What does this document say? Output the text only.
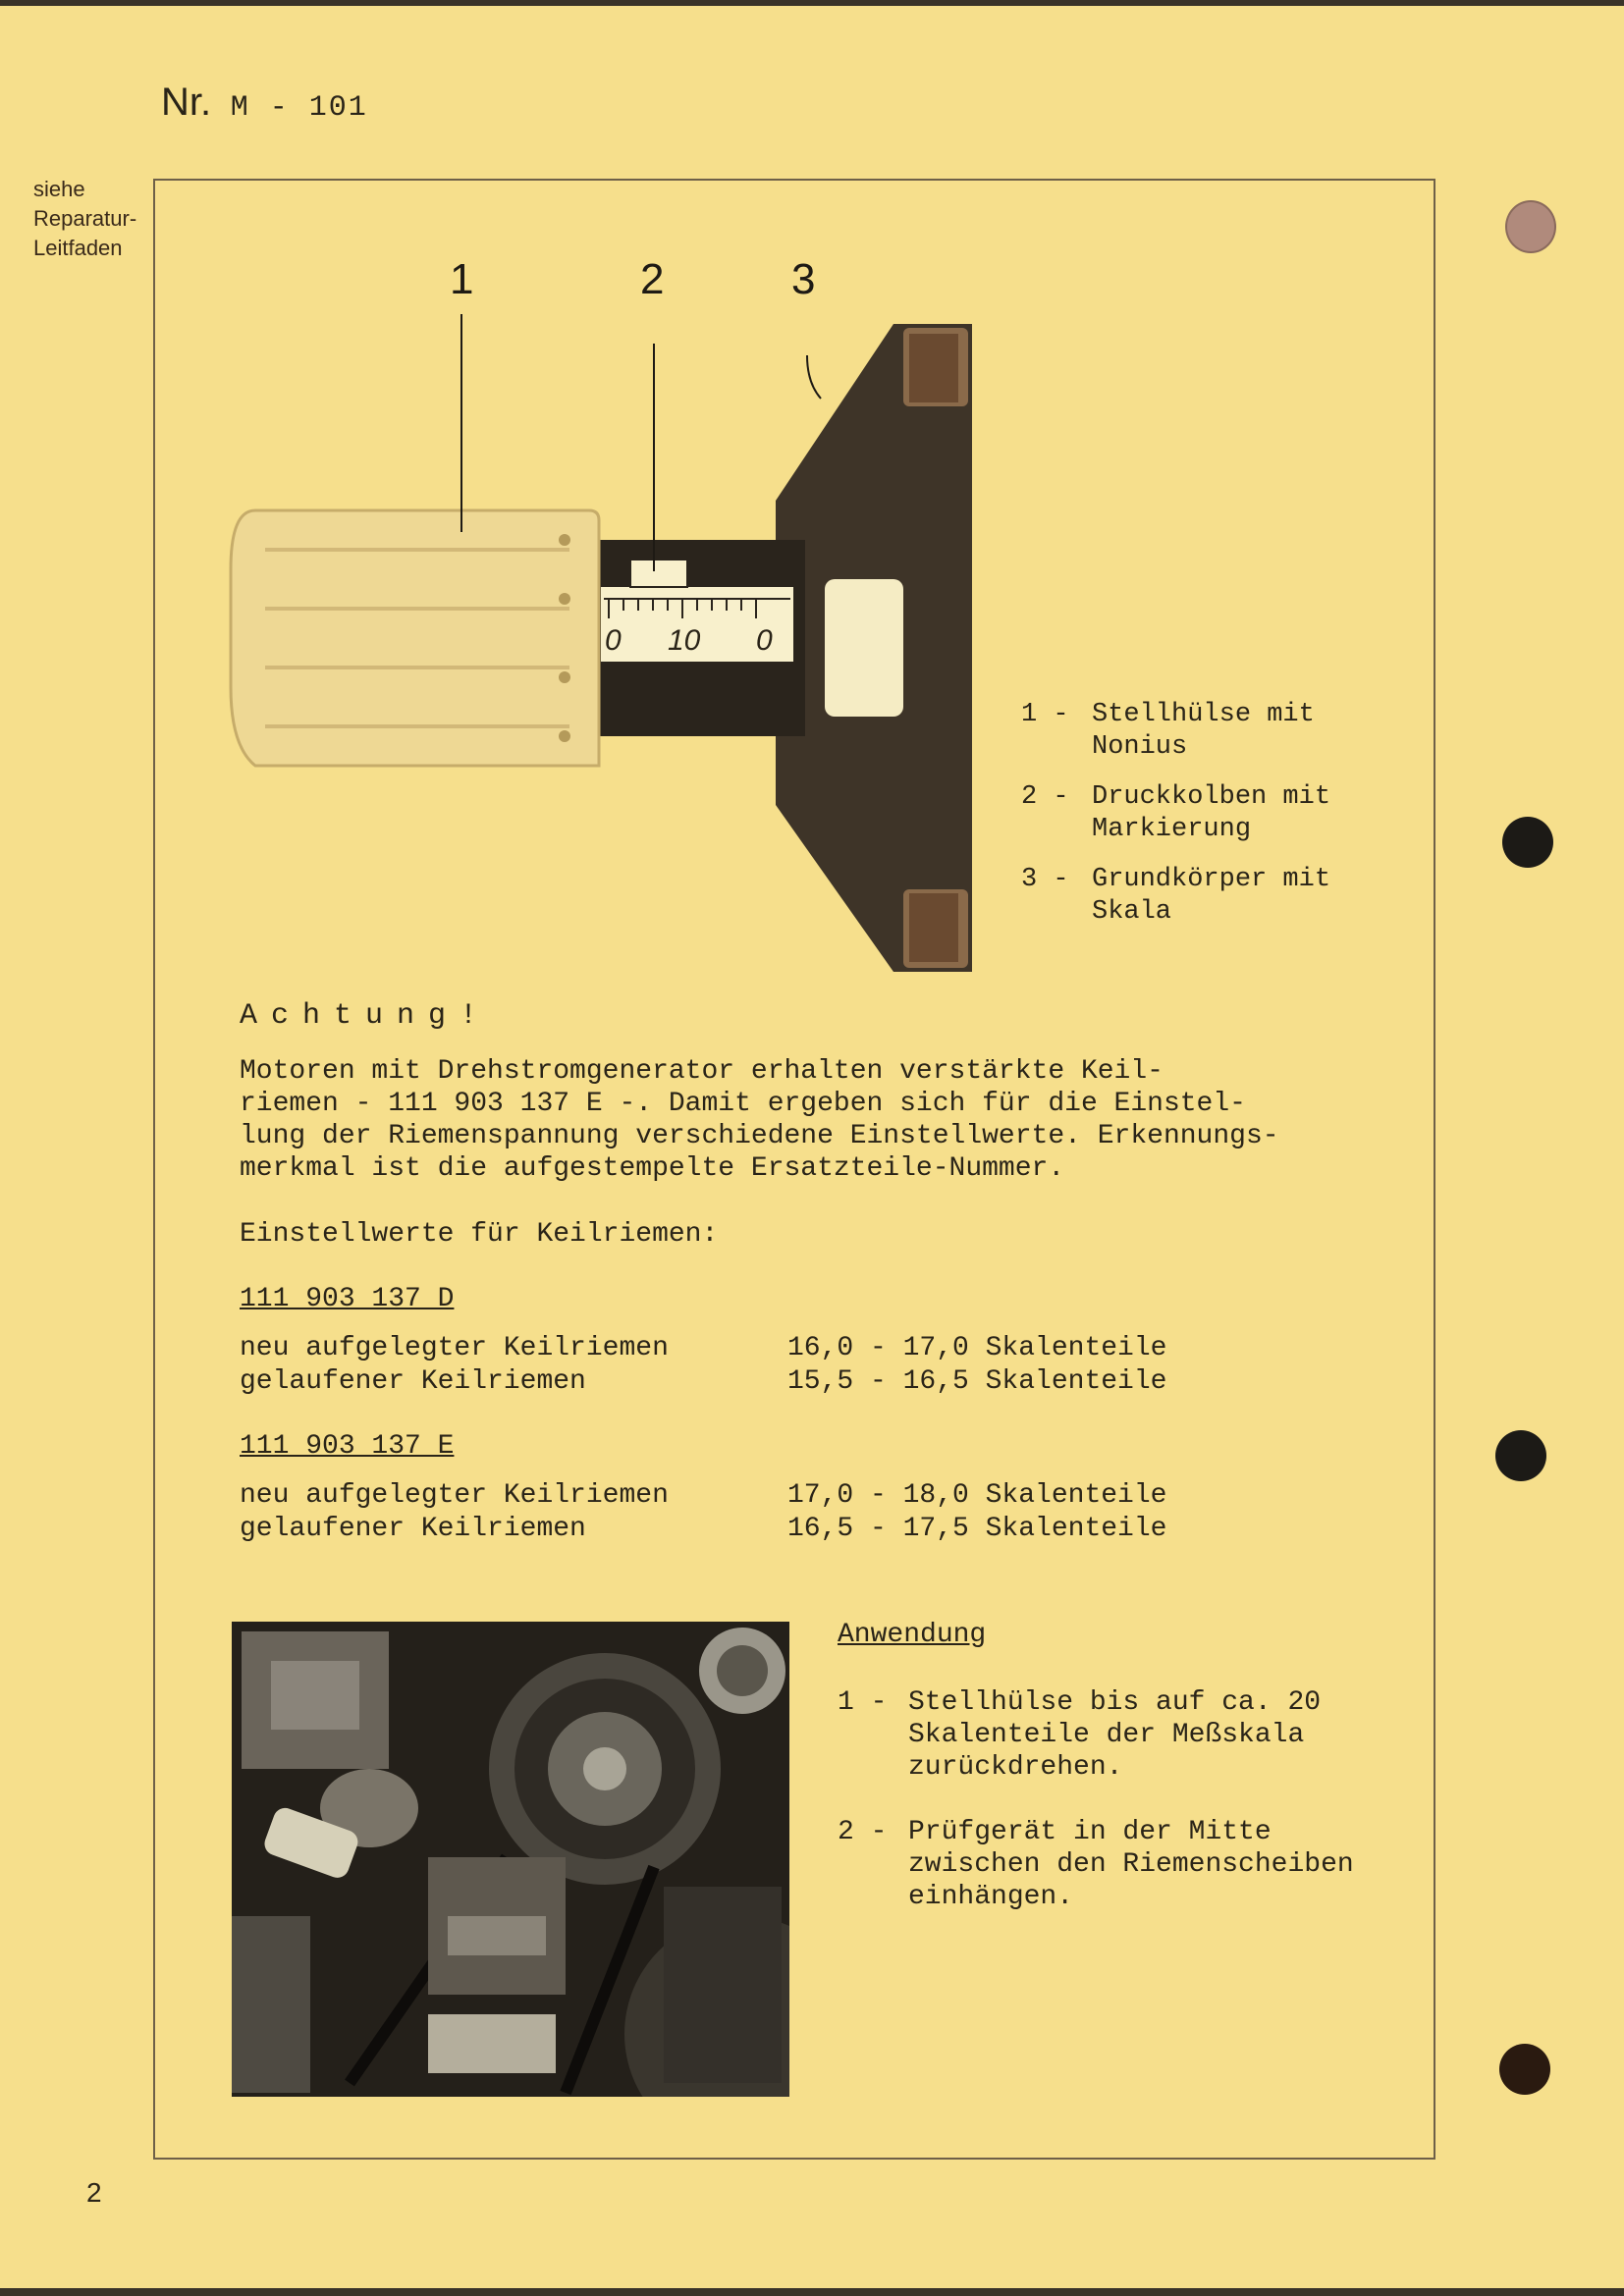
Nr. M - 101
siehe
Reparatur-
Leitfaden
1	2	3
0 10 0
1 - Stellhülse mit Nonius
2 - Druckkolben mit Markierung
3 - Grundkörper mit Skala
Achtung!
Motoren mit Drehstromgenerator erhalten verstärkte Keil-
riemen - 111 903 137 E -. Damit ergeben sich für die Einstel-
lung der Riemenspannung verschiedene Einstellwerte. Erkennungs-
merkmal ist die aufgestempelte Ersatzteile-Nummer.
Einstellwerte für Keilriemen:
111 903 137 D
neu aufgelegter Keilriemen	16,0 - 17,0 Skalenteile
gelaufener Keilriemen	15,5 - 16,5 Skalenteile
111 903 137 E
neu aufgelegter Keilriemen	17,0 - 18,0 Skalenteile
gelaufener Keilriemen	16,5 - 17,5 Skalenteile
Anwendung
1 - Stellhülse bis auf ca. 20 Skalenteile der Meßskala zurückdrehen.
2 - Prüfgerät in der Mitte zwischen den Riemenscheiben einhängen.
2
